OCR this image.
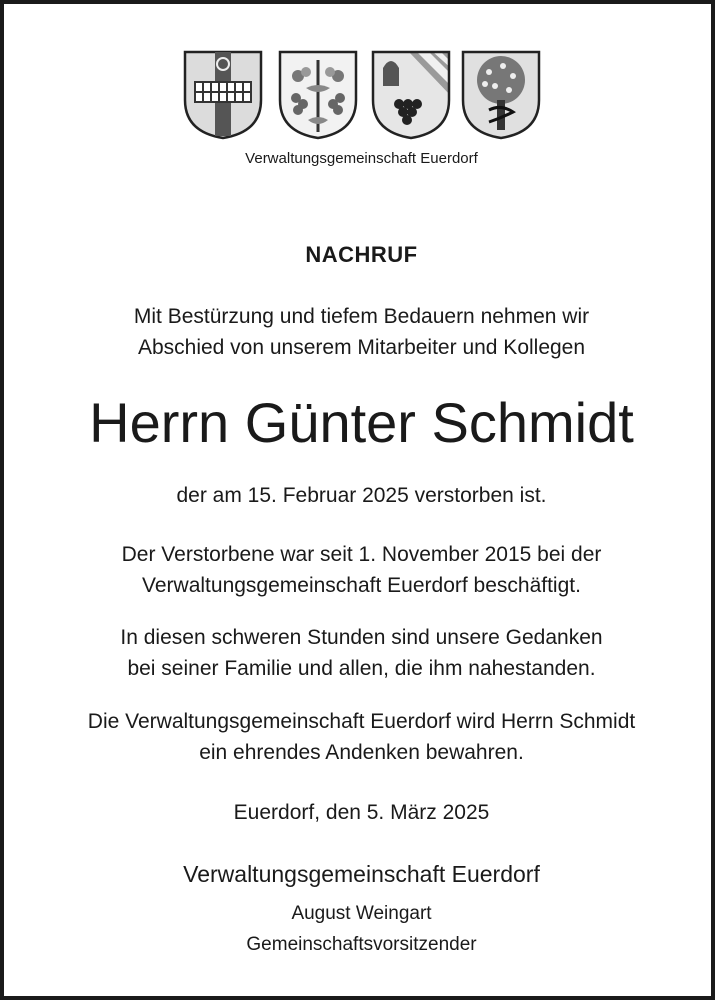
Verwaltungsgemeinschaft Euerdorf
NACHRUF
Mit Bestürzung und tiefem Bedauern nehmen wir
Abschied von unserem Mitarbeiter und Kollegen
Herrn Günter Schmidt
der am 15. Februar 2025 verstorben ist.
Der Verstorbene war seit 1. November 2015 bei der
Verwaltungsgemeinschaft Euerdorf beschäftigt.
In diesen schweren Stunden sind unsere Gedanken
bei seiner Familie und allen, die ihm nahestanden.
Die Verwaltungsgemeinschaft Euerdorf wird Herrn Schmidt
ein ehrendes Andenken bewahren.
Euerdorf, den 5. März 2025
Verwaltungsgemeinschaft Euerdorf
August Weingart
Gemeinschaftsvorsitzender
